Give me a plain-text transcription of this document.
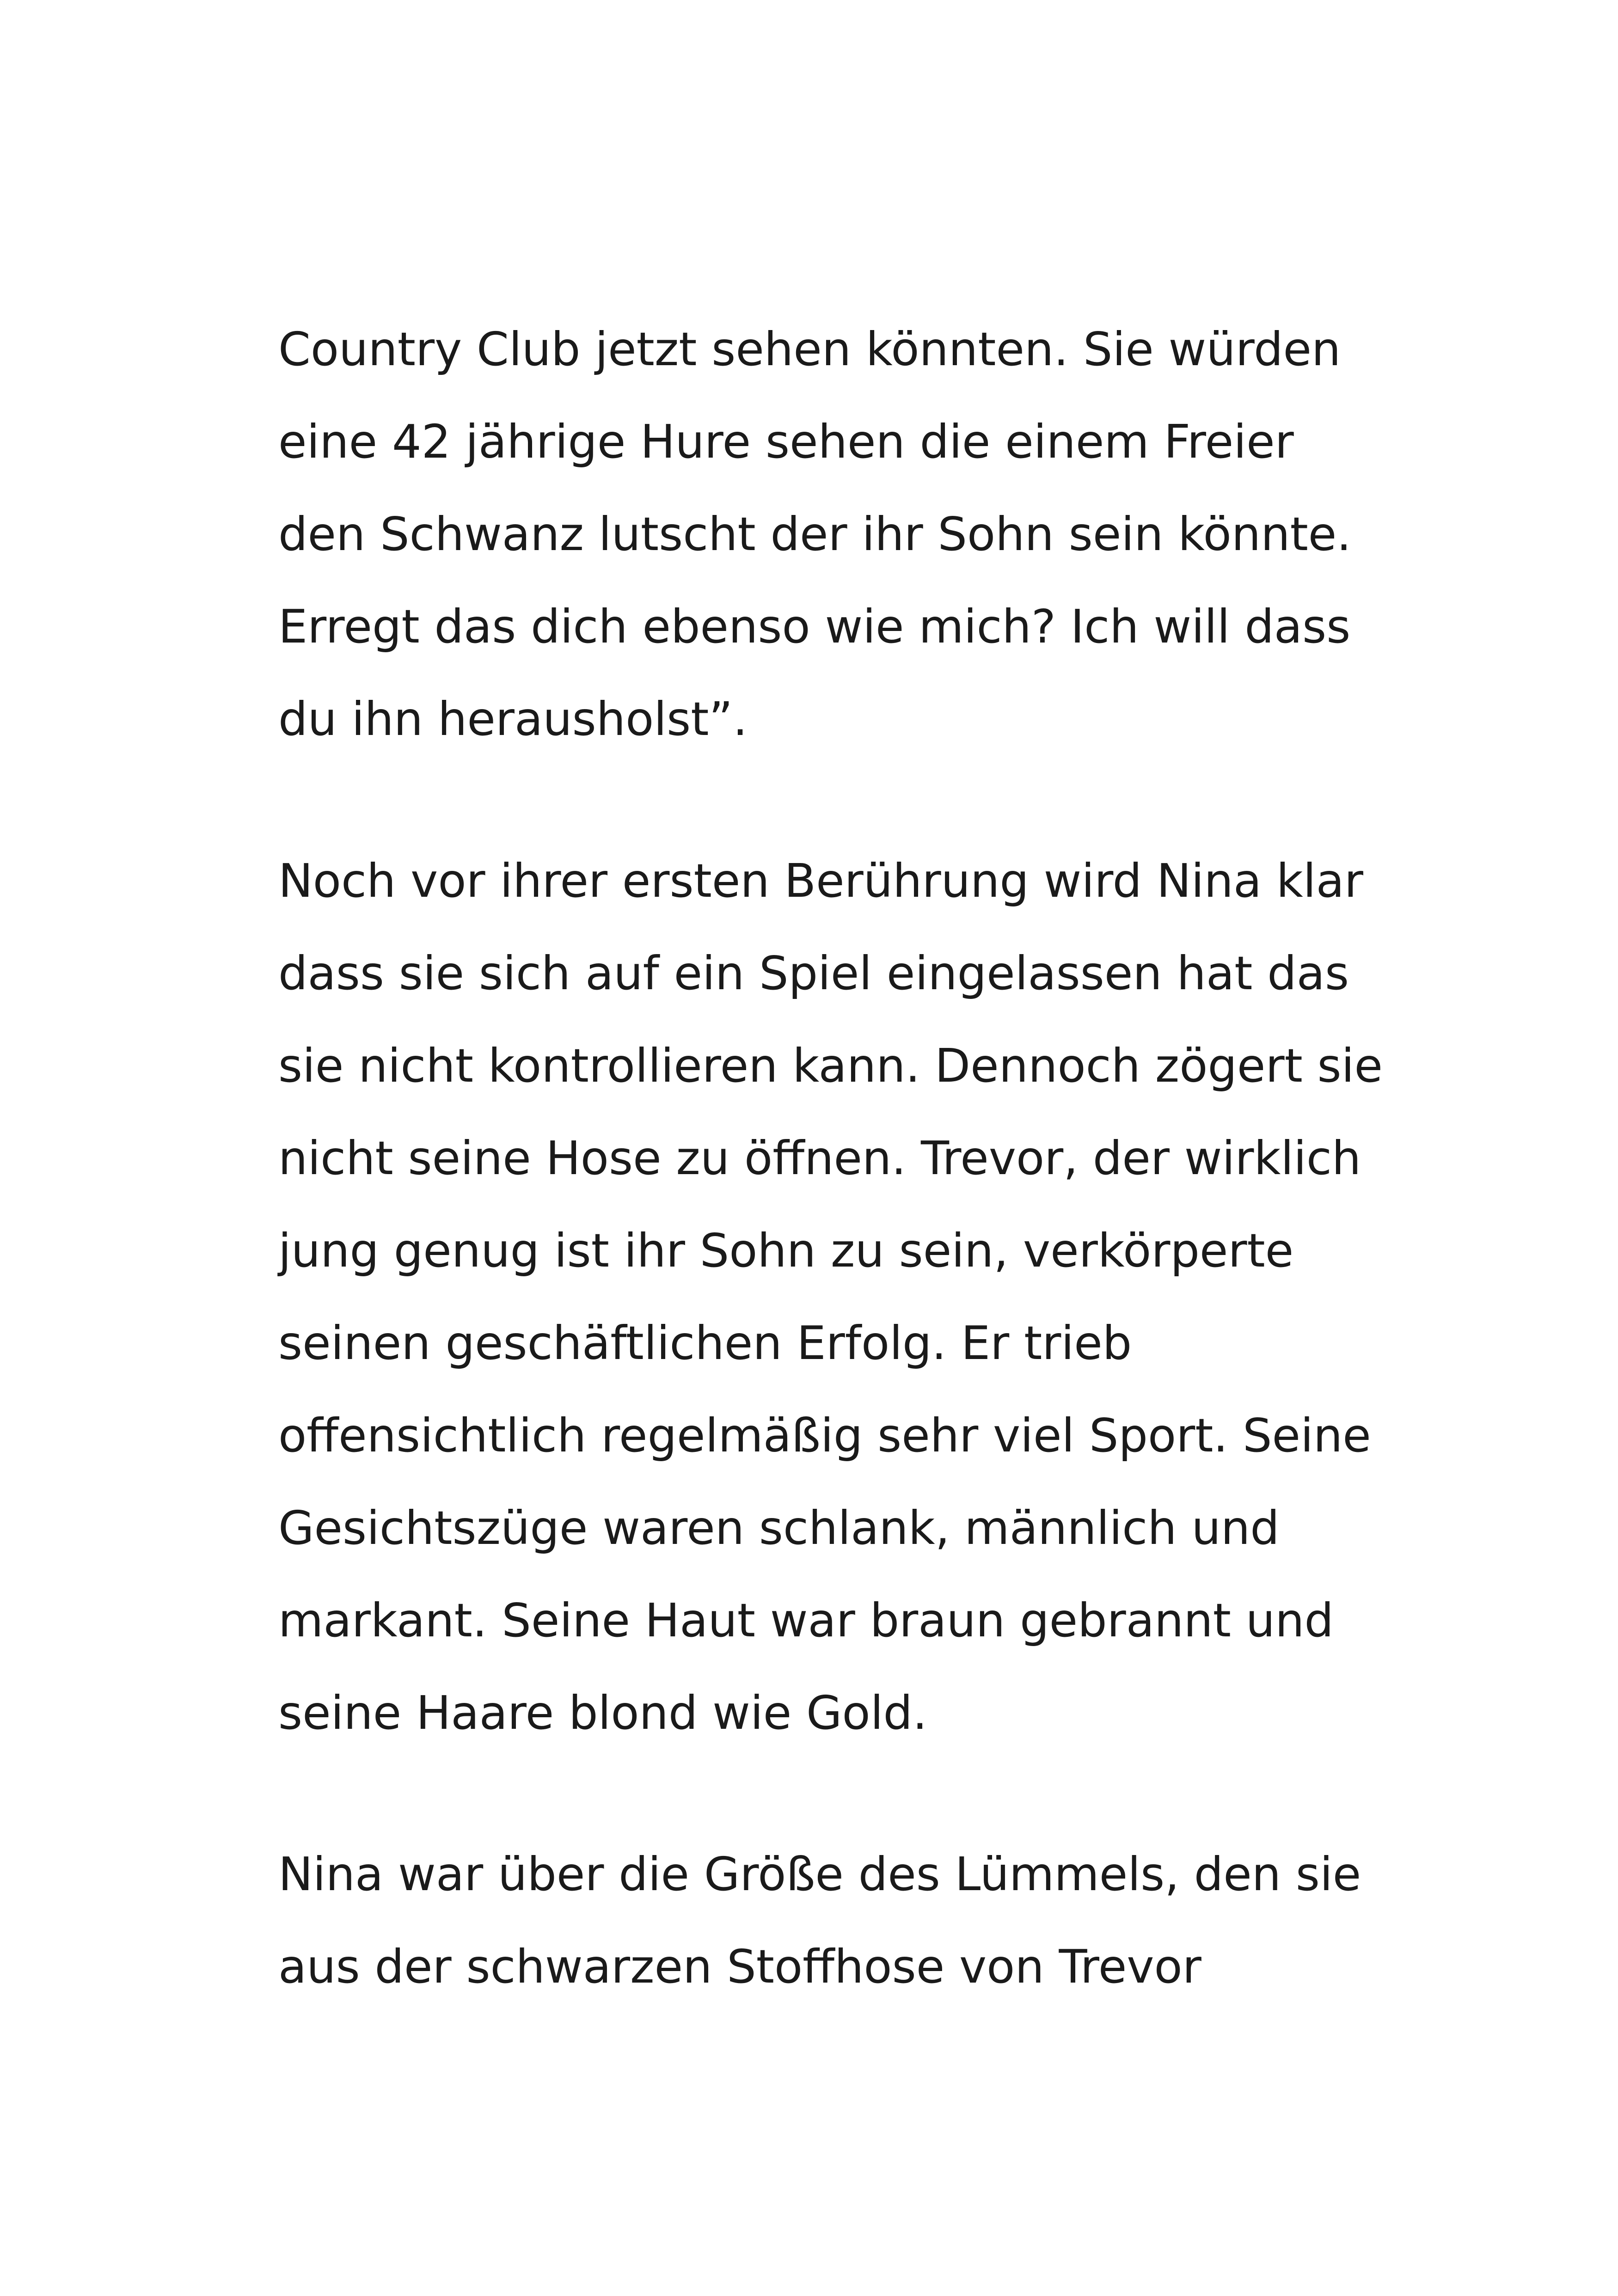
Country Club jetzt sehen könnten. Sie würden
eine 42 jährige Hure sehen die einem Freier
den Schwanz lutscht der ihr Sohn sein könnte.
Erregt das dich ebenso wie mich? Ich will dass
du ihn herausholst”.
Noch vor ihrer ersten Berührung wird Nina klar
dass sie sich auf ein Spiel eingelassen hat das
sie nicht kontrollieren kann. Dennoch zögert sie
nicht seine Hose zu öffnen. Trevor, der wirklich
jung genug ist ihr Sohn zu sein, verkörperte
seinen geschäftlichen Erfolg. Er trieb
offensichtlich regelmäßig sehr viel Sport. Seine
Gesichtszüge waren schlank, männlich und
markant. Seine Haut war braun gebrannt und
seine Haare blond wie Gold.
Nina war über die Größe des Lümmels, den sie
aus der schwarzen Stoffhose von Trevor
